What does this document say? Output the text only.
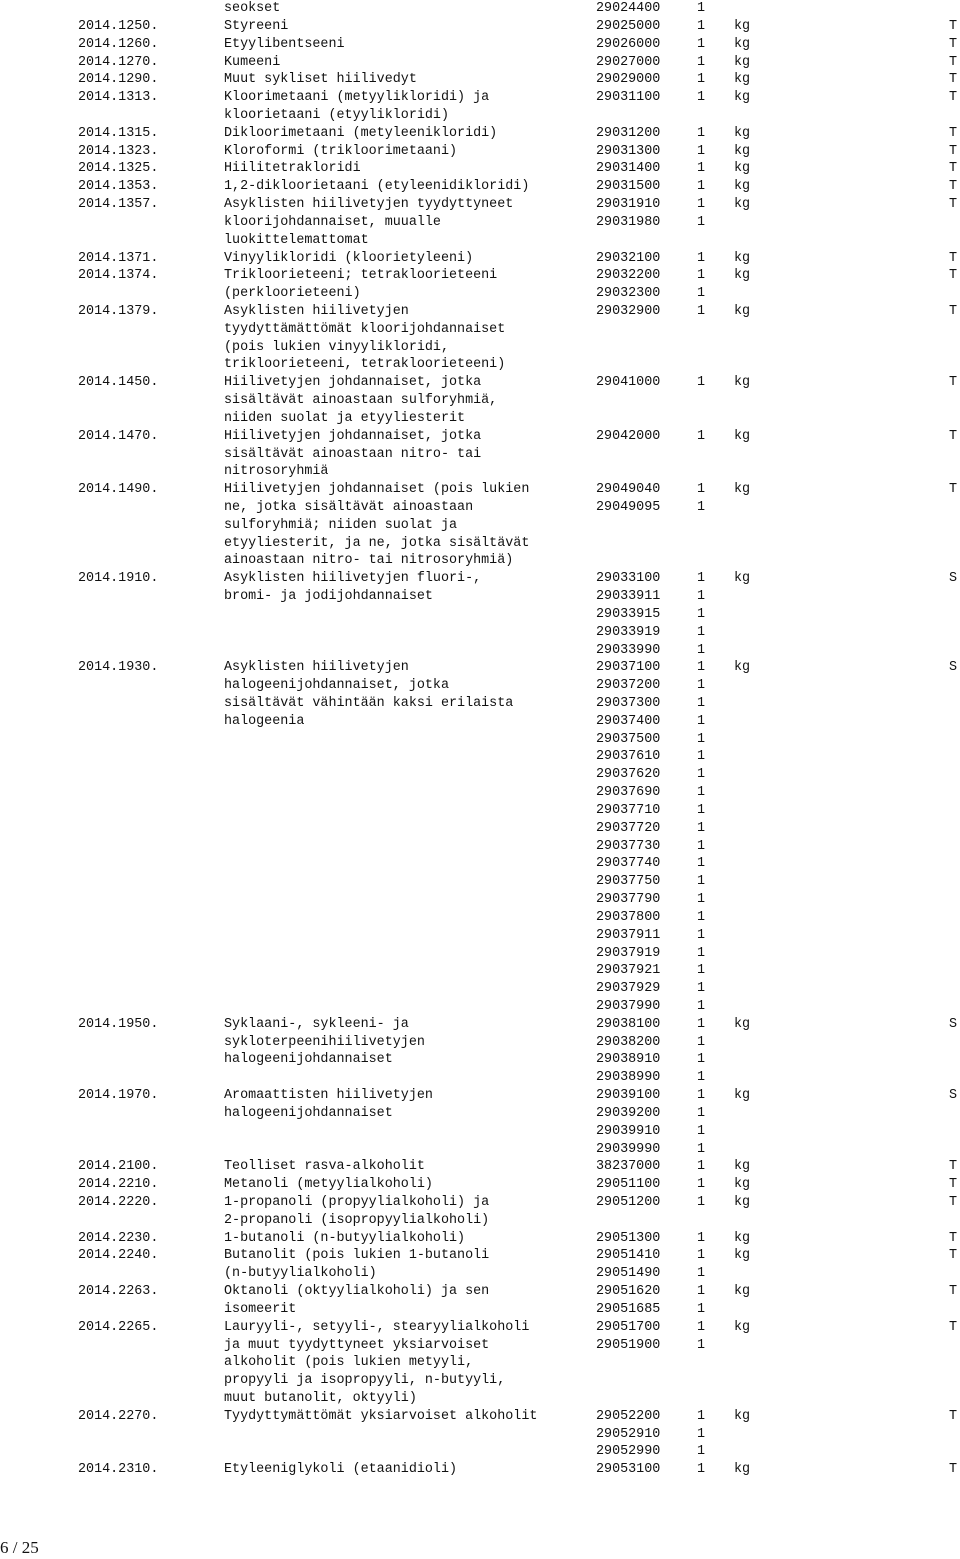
seokset	29024400	1
2014.1250.	Styreeni	29025000	1 kg	T
2014.1260.	Etyylibentseeni	29026000	1 kg	T
2014.1270.	Kumeeni	29027000	1 kg	T
2014.1290.	Muut sykliset hiilivedyt	29029000	1 kg	T
2014.1313.	Kloorimetaani (metyylikloridi) ja	29031100	1 kg	T
kloorietaani (etyylikloridi)
2014.1315.	Dikloorimetaani (metyleenikloridi)	29031200	1 kg	T
2014.1323.	Kloroformi (trikloorimetaani)	29031300	1 kg	T
2014.1325.	Hiilitetrakloridi	29031400	1 kg	T
2014.1353.	1,2-dikloorietaani (etyleenidikloridi)	29031500	1 kg	T
2014.1357.	Asyklisten hiilivetyjen tyydyttyneet	29031910	1 kg	T
kloorijohdannaiset, muualle	29031980	1
luokittelemattomat
2014.1371.	Vinyylikloridi (kloorietyleeni)	29032100	1 kg	T
2014.1374.	Trikloorieteeni; tetrakloorieteeni	29032200	1 kg	T
(perkloorieteeni)	29032300	1
2014.1379.	Asyklisten hiilivetyjen	29032900	1 kg	T
tyydyttämättömät kloorijohdannaiset
(pois lukien vinyylikloridi,
trikloorieteeni, tetrakloorieteeni)
2014.1450.	Hiilivetyjen johdannaiset, jotka	29041000	1 kg	T
sisältävät ainoastaan sulforyhmiä,
niiden suolat ja etyyliesterit
2014.1470.	Hiilivetyjen johdannaiset, jotka	29042000	1 kg	T
sisältävät ainoastaan nitro- tai
nitrosoryhmiä
2014.1490.	Hiilivetyjen johdannaiset (pois lukien	29049040	1 kg	T
ne, jotka sisältävät ainoastaan	29049095	1
sulforyhmiä; niiden suolat ja
etyyliesterit, ja ne, jotka sisältävät
ainoastaan nitro- tai nitrosoryhmiä)
2014.1910.	Asyklisten hiilivetyjen fluori-,	29033100	1 kg	S
bromi- ja jodijohdannaiset	29033911	1
29033915	1
29033919	1
29033990	1
2014.1930.	Asyklisten hiilivetyjen	29037100	1 kg	S
halogeenijohdannaiset, jotka	29037200	1
sisältävät vähintään kaksi erilaista	29037300	1
halogeenia	29037400	1
29037500	1
29037610	1
29037620	1
29037690	1
29037710	1
29037720	1
29037730	1
29037740	1
29037750	1
29037790	1
29037800	1
29037911	1
29037919	1
29037921	1
29037929	1
29037990	1
2014.1950.	Syklaani-, sykleeni- ja	29038100	1 kg	S
sykloterpeenihiilivetyjen	29038200	1
halogeenijohdannaiset	29038910	1
29038990	1
2014.1970.	Aromaattisten hiilivetyjen	29039100	1 kg	S
halogeenijohdannaiset	29039200	1
29039910	1
29039990	1
2014.2100.	Teolliset rasva-alkoholit	38237000	1 kg	T
2014.2210.	Metanoli (metyylialkoholi)	29051100	1 kg	T
2014.2220.	1-propanoli (propyylialkoholi) ja	29051200	1 kg	T
2-propanoli (isopropyylialkoholi)
2014.2230.	1-butanoli (n-butyylialkoholi)	29051300	1 kg	T
2014.2240.	Butanolit (pois lukien 1-butanoli	29051410	1 kg	T
(n-butyylialkoholi)	29051490	1
2014.2263.	Oktanoli (oktyylialkoholi) ja sen	29051620	1 kg	T
isomeerit	29051685	1
2014.2265.	Lauryyli-, setyyli-, stearyylialkoholi	29051700	1 kg	T
ja muut tyydyttyneet yksiarvoiset	29051900	1
alkoholit (pois lukien metyyli,
propyyli ja isopropyyli, n-butyyli,
muut butanolit, oktyyli)
2014.2270.	Tyydyttymättömät yksiarvoiset alkoholit	29052200	1 kg	T
29052910	1
29052990	1
2014.2310.	Etyleeniglykoli (etaanidioli)	29053100	1 kg	T
6 / 25
